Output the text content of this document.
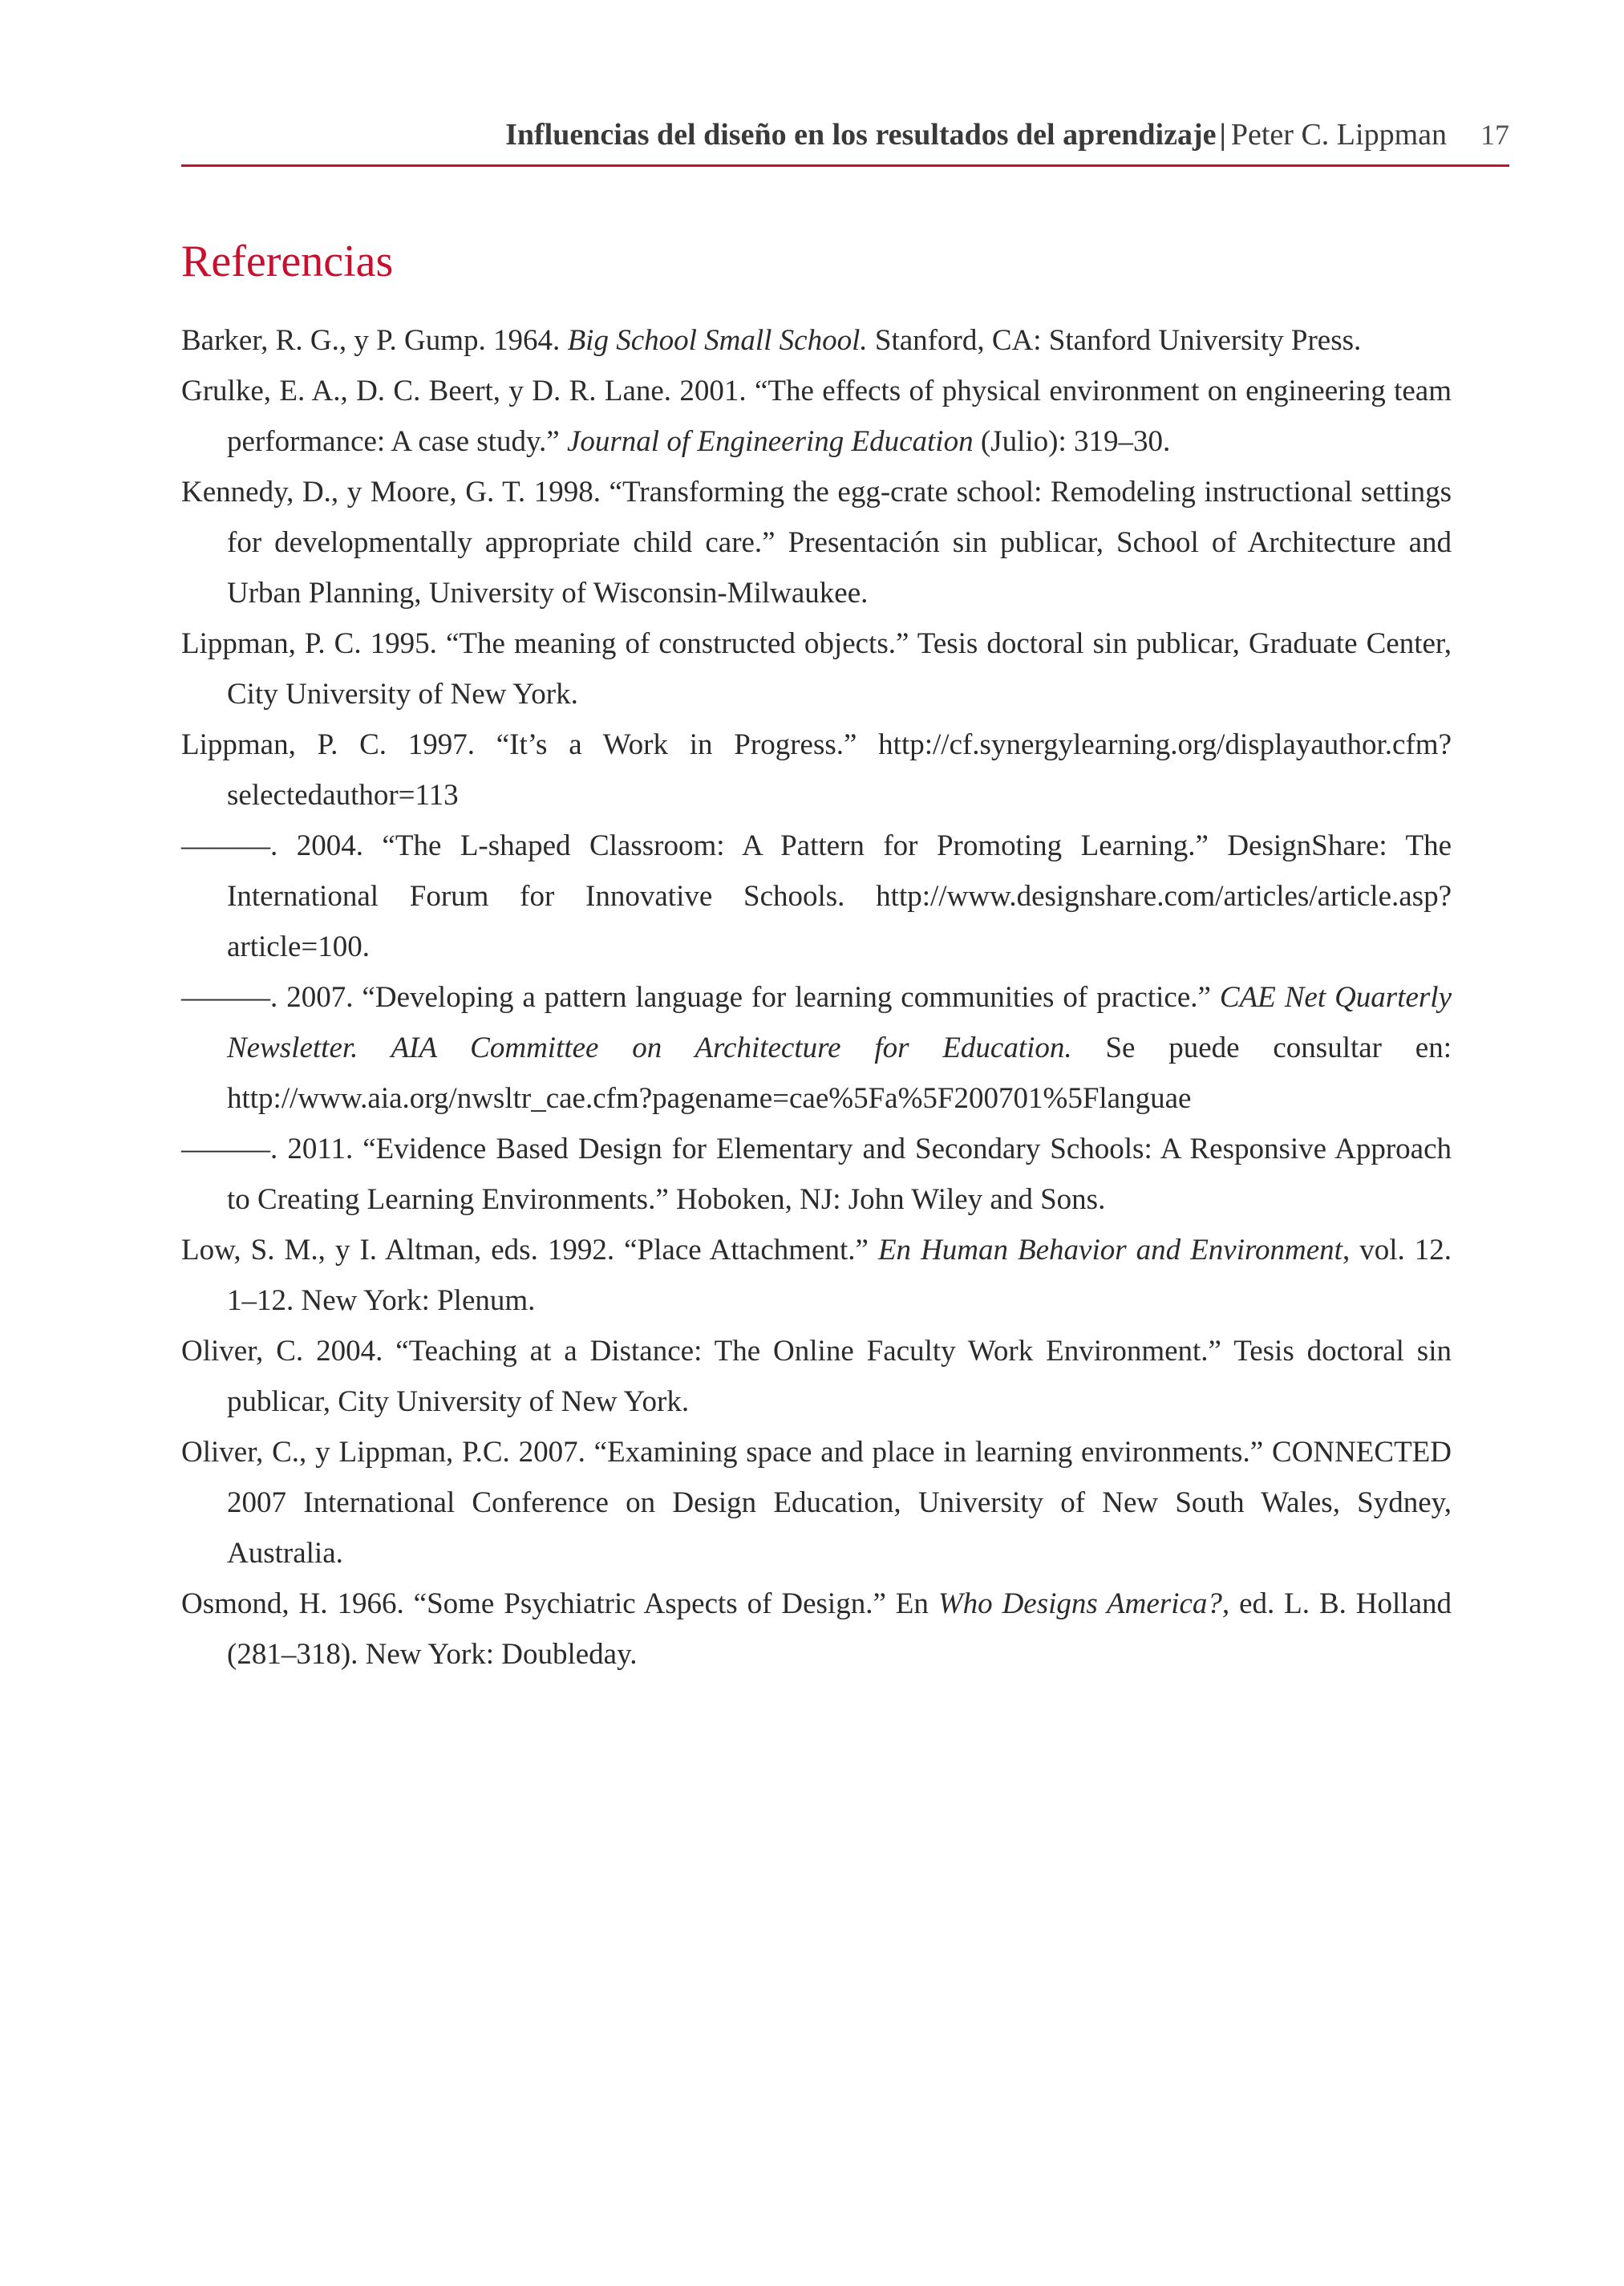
Influencias del diseño en los resultados del aprendizaje | Peter C. Lippman 17
Referencias
Barker, R. G., y P. Gump. 1964. Big School Small School. Stanford, CA: Stanford University Press.
Grulke, E. A., D. C. Beert, y D. R. Lane. 2001. “The effects of physical environment on engineering team performance: A case study.” Journal of Engineering Education (Julio): 319–30.
Kennedy, D., y Moore, G. T. 1998. “Transforming the egg-crate school: Remodeling instructional settings for developmentally appropriate child care.” Presentación sin publicar, School of Architecture and Urban Planning, University of Wisconsin-Milwaukee.
Lippman, P. C. 1995. “The meaning of constructed objects.” Tesis doctoral sin publicar, Graduate Center, City University of New York.
Lippman, P. C. 1997. “It’s a Work in Progress.” http://cf.synergylearning.org/displayauthor.cfm?selectedauthor=113
———. 2004. “The L-shaped Classroom: A Pattern for Promoting Learning.” DesignShare: The International Forum for Innovative Schools. http://www.designshare.com/articles/article.asp?article=100.
———. 2007. “Developing a pattern language for learning communities of practice.” CAE Net Quarterly Newsletter. AIA Committee on Architecture for Education. Se puede consultar en: http://www.aia.org/nwsltr_cae.cfm?pagename=cae%5Fa%5F200701%5Flanguae
———. 2011. “Evidence Based Design for Elementary and Secondary Schools: A Responsive Approach to Creating Learning Environments.” Hoboken, NJ: John Wiley and Sons.
Low, S. M., y I. Altman, eds. 1992. “Place Attachment.” En Human Behavior and Environment, vol. 12. 1–12. New York: Plenum.
Oliver, C. 2004. “Teaching at a Distance: The Online Faculty Work Environment.” Tesis doctoral sin publicar, City University of New York.
Oliver, C., y Lippman, P.C. 2007. “Examining space and place in learning environments.” CONNECTED 2007 International Conference on Design Education, University of New South Wales, Sydney, Australia.
Osmond, H. 1966. “Some Psychiatric Aspects of Design.” En Who Designs America?, ed. L. B. Holland (281–318). New York: Doubleday.
